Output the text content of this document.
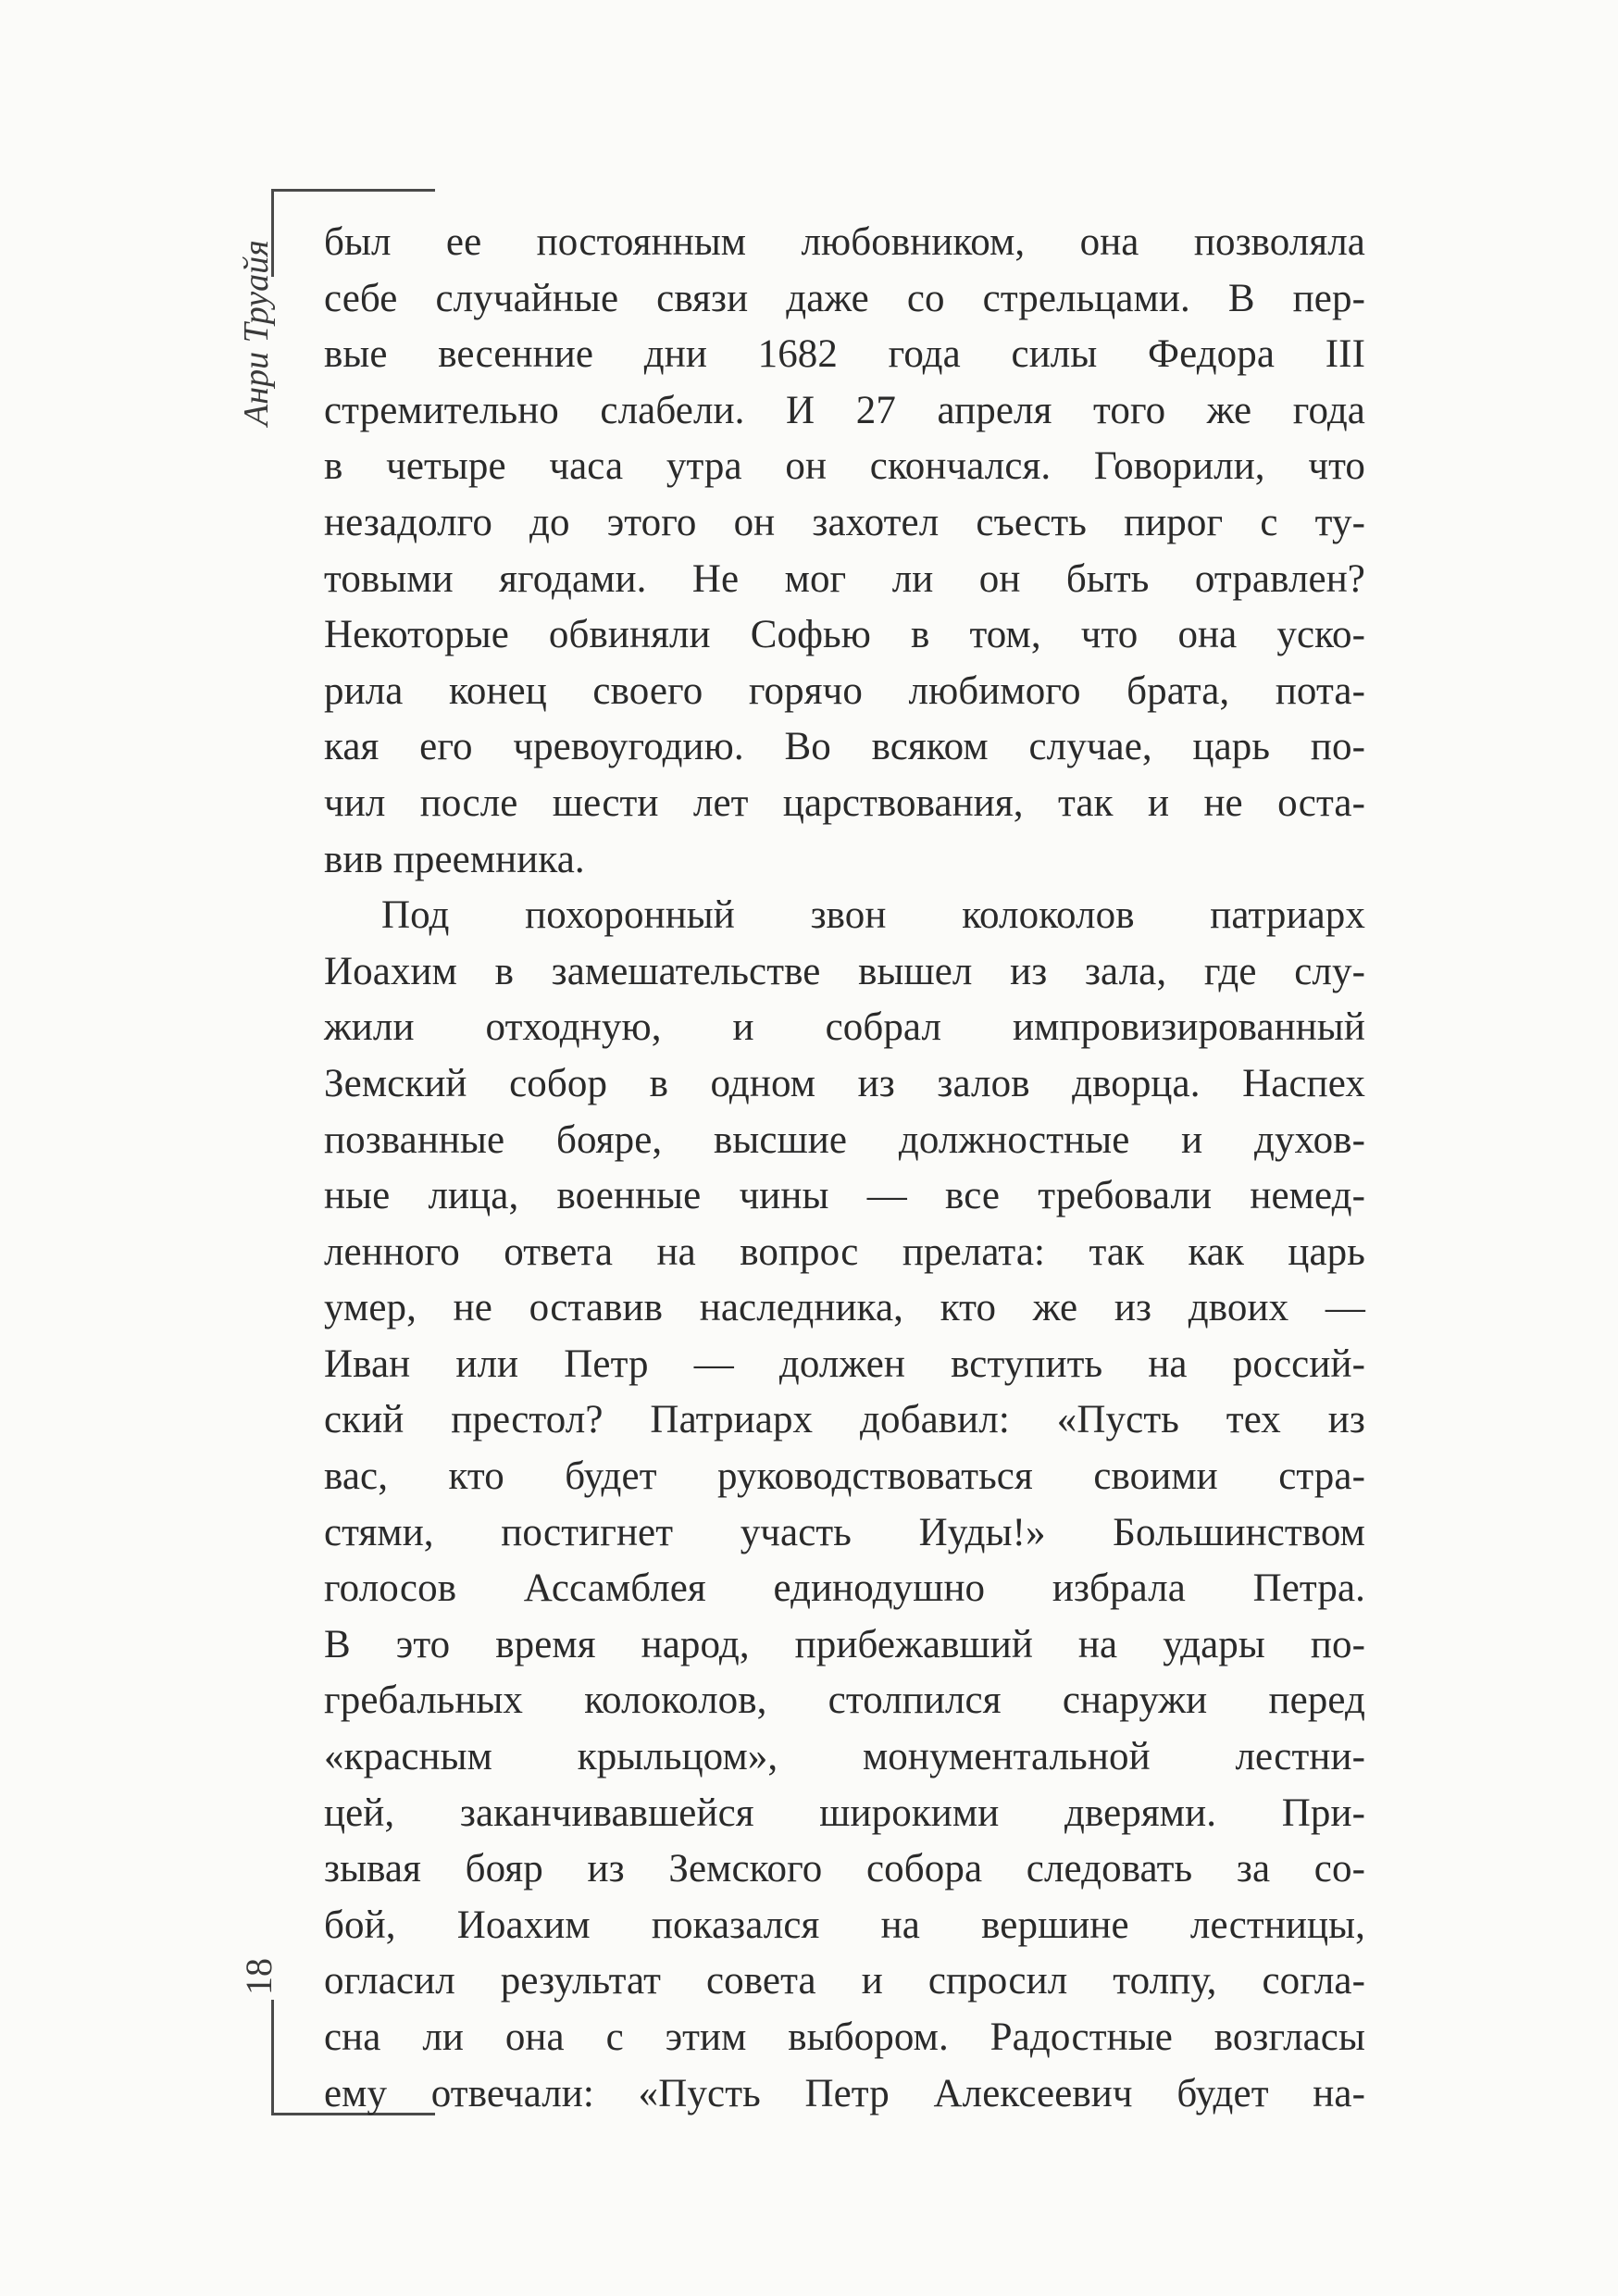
Анри Труайя
18
был ее постоянным любовником, она позволяла
себе случайные связи даже со стрельцами. В пер-
вые весенние дни 1682 года силы Федора III
стремительно слабели. И 27 апреля того же года
в четыре часа утра он скончался. Говорили, что
незадолго до этого он захотел съесть пирог с ту-
товыми ягодами. Не мог ли он быть отравлен?
Некоторые обвиняли Софью в том, что она уско-
рила конец своего горячо любимого брата, пота-
кая его чревоугодию. Во всяком случае, царь по-
чил после шести лет царствования, так и не оста-
вив преемника.
Под похоронный звон колоколов патриарх
Иоахим в замешательстве вышел из зала, где слу-
жили отходную, и собрал импровизированный
Земский собор в одном из залов дворца. Наспех
позванные бояре, высшие должностные и духов-
ные лица, военные чины — все требовали немед-
ленного ответа на вопрос прелата: так как царь
умер, не оставив наследника, кто же из двоих —
Иван или Петр — должен вступить на россий-
ский престол? Патриарх добавил: «Пусть тех из
вас, кто будет руководствоваться своими стра-
стями, постигнет участь Иуды!» Большинством
голосов Ассамблея единодушно избрала Петра.
В это время народ, прибежавший на удары по-
гребальных колоколов, столпился снаружи перед
«красным крыльцом», монументальной лестни-
цей, заканчивавшейся широкими дверями. При-
зывая бояр из Земского собора следовать за со-
бой, Иоахим показался на вершине лестницы,
огласил результат совета и спросил толпу, согла-
сна ли она с этим выбором. Радостные возгласы
ему отвечали: «Пусть Петр Алексеевич будет на-
